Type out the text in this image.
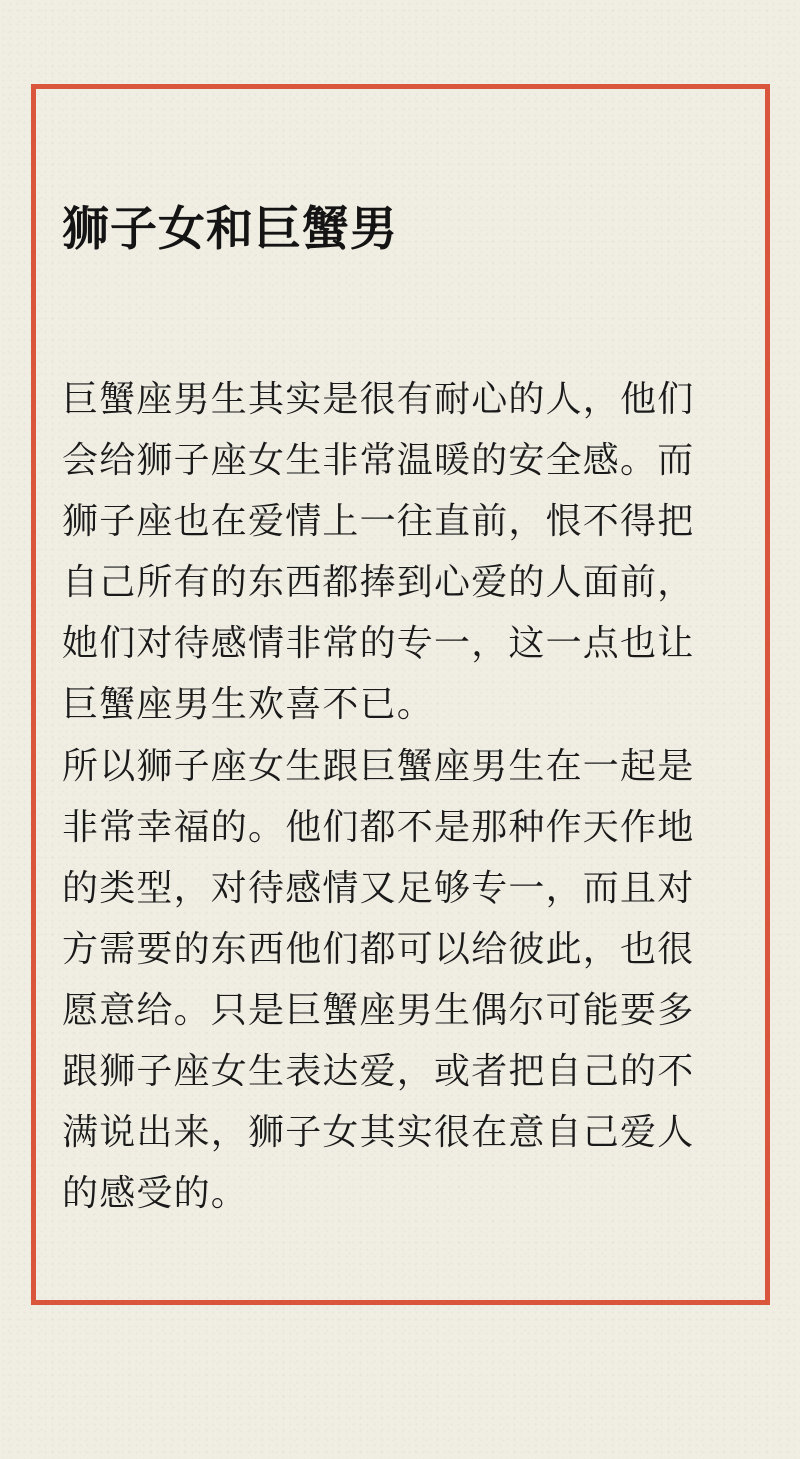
狮子女和巨蟹男

巨蟹座男生其实是很有耐心的人，他们会给狮子座女生非常温暖的安全感。而狮子座也在爱情上一往直前，恨不得把自己所有的东西都捧到心爱的人面前，她们对待感情非常的专一，这一点也让巨蟹座男生欢喜不已。

所以狮子座女生跟巨蟹座男生在一起是非常幸福的。他们都不是那种作天作地的类型，对待感情又足够专一，而且对方需要的东西他们都可以给彼此，也很愿意给。只是巨蟹座男生偶尔可能要多跟狮子座女生表达爱，或者把自己的不满说出来，狮子女其实很在意自己爱人的感受的。
